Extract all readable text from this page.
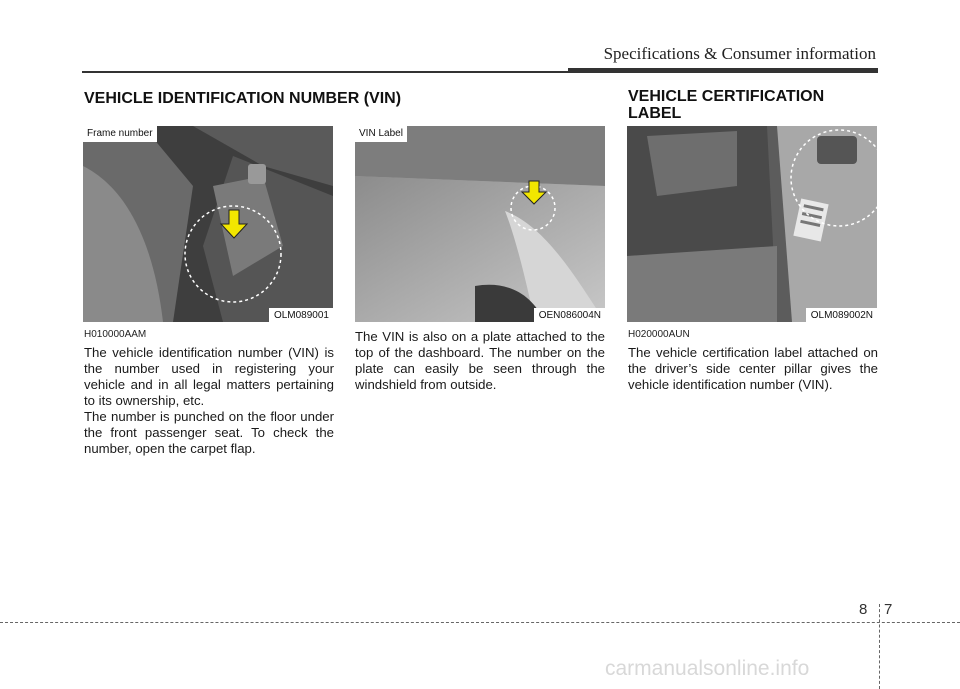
Specifications & Consumer information
VEHICLE IDENTIFICATION NUMBER (VIN)
Frame number
OLM089001
H010000AAM
The vehicle identification number (VIN) is the number used in registering your vehicle and in all legal matters pertaining to its ownership, etc.
The number is punched on the floor under the front passenger seat. To check the number, open the carpet flap.
VIN Label
OEN086004N
The VIN is also on a plate attached to the top of the dashboard. The number on the plate can easily be seen through the windshield from outside.
VEHICLE CERTIFICATION
LABEL
OLM089002N
H020000AUN
The vehicle certification label attached on the driver’s side center pillar gives the vehicle identification number (VIN).
8 7
carmanualsonline.info
